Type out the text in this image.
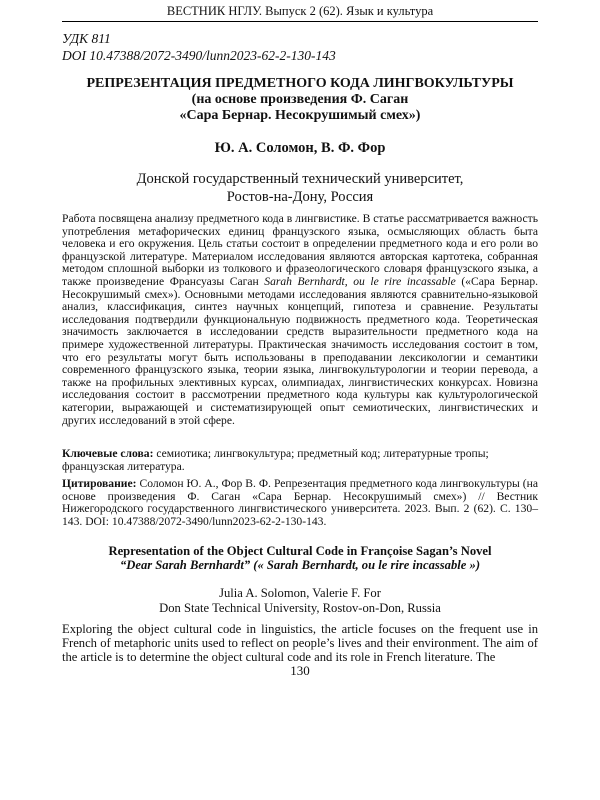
ВЕСТНИК НГЛУ. Выпуск 2 (62). Язык и культура
УДК 811
DOI 10.47388/2072-3490/lunn2023-62-2-130-143
РЕПРЕЗЕНТАЦИЯ ПРЕДМЕТНОГО КОДА ЛИНГВОКУЛЬТУРЫ
(на основе произведения Ф. Саган
«Сара Бернар. Несокрушимый смех»)
Ю. А. Соломон, В. Ф. Фор
Донской государственный технический университет,
Ростов-на-Дону, Россия
Работа посвящена анализу предметного кода в лингвистике. В статье рассматривается важность употребления метафорических единиц французского языка, осмысляющих область быта человека и его окружения. Цель статьи состоит в определении предметного кода и его роли во французской литературе. Материалом исследования являются авторская картотека, собранная методом сплошной выборки из толкового и фразеологического словаря французского языка, а также произведение Франсуазы Саган Sarah Bernhardt, ou le rire incassable («Сара Бернар. Несокрушимый смех»). Основными методами исследования являются сравнительно-языковой анализ, классификация, синтез научных концепций, гипотеза и сравнение. Результаты исследования подтвердили функциональную подвижность предметного кода. Теоретическая значимость заключается в исследовании средств выразительности предметного кода на примере художественной литературы. Практическая значимость исследования состоит в том, что его результаты могут быть использованы в преподавании лексикологии и семантики современного французского языка, теории языка, лингвокультурологии и теории перевода, а также на профильных элективных курсах, олимпиадах, лингвистических конкурсах. Новизна исследования состоит в рассмотрении предметного кода культуры как культурологической категории, выражающей и систематизирующей опыт семиотических, лингвистических и других исследований в этой сфере.
Ключевые слова: семиотика; лингвокультура; предметный код; литературные тропы; французская литература.
Цитирование: Соломон Ю. А., Фор В. Ф. Репрезентация предметного кода лингвокультуры (на основе произведения Ф. Саган «Сара Бернар. Несокрушимый смех») // Вестник Нижегородского государственного лингвистического университета. 2023. Вып. 2 (62). С. 130–143. DOI: 10.47388/2072-3490/lunn2023-62-2-130-143.
Representation of the Object Cultural Code in Françoise Sagan’s Novel
“Dear Sarah Bernhardt” (« Sarah Bernhardt, ou le rire incassable »)
Julia A. Solomon, Valerie F. For
Don State Technical University, Rostov-on-Don, Russia
Exploring the object cultural code in linguistics, the article focuses on the frequent use in French of metaphoric units used to reflect on people’s lives and their environment. The aim of the article is to determine the object cultural code and its role in French literature. The
130
